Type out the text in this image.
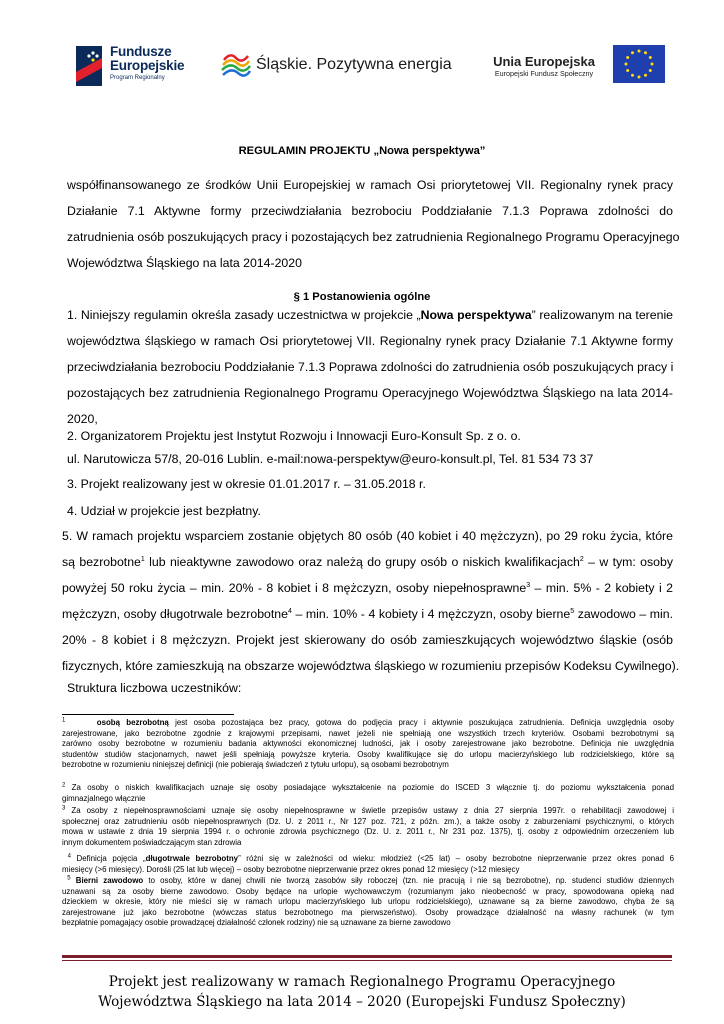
Fundusze
Europejskie
Program Regionalny
Śląskie. Pozytywna energia	Unia Europejska
Europejski Fundusz Społeczny
REGULAMIN PROJEKTU „Nowa perspektywa”
współfinansowanego ze środków Unii Europejskiej w ramach Osi priorytetowej VII. Regionalny rynek pracy
Działanie 7.1 Aktywne formy przeciwdziałania bezrobociu Poddziałanie 7.1.3 Poprawa zdolności do
zatrudnienia osób poszukujących pracy i pozostających bez zatrudnienia Regionalnego Programu Operacyjnego
Województwa Śląskiego na lata 2014-2020
§ 1 Postanowienia ogólne
1. Niniejszy regulamin określa zasady uczestnictwa w projekcie „Nowa perspektywa” realizowanym na terenie
województwa śląskiego w ramach Osi priorytetowej VII. Regionalny rynek pracy Działanie 7.1 Aktywne formy
przeciwdziałania bezrobociu Poddziałanie 7.1.3 Poprawa zdolności do zatrudnienia osób poszukujących pracy i
pozostających bez zatrudnienia Regionalnego Programu Operacyjnego Województwa Śląskiego na lata 2014-
2020,
2. Organizatorem Projektu jest Instytut Rozwoju i Innowacji Euro-Konsult Sp. z o. o.
ul. Narutowicza 57/8, 20-016 Lublin. e-mail:nowa-perspektyw@euro-konsult.pl, Tel. 81 534 73 37
3. Projekt realizowany jest w okresie 01.01.2017 r. – 31.05.2018 r.
4. Udział w projekcie jest bezpłatny.
5. W ramach projektu wsparciem zostanie objętych 80 osób (40 kobiet i 40 mężczyzn), po 29 roku życia, które
są bezrobotne$^1$ lub nieaktywne zawodowo oraz należą do grupy osób o niskich kwalifikacjach$^2$ – w tym: osoby
powyżej 50 roku życia – min. 20% - 8 kobiet i 8 mężczyzn, osoby niepełnosprawne$^3$ – min. 5% - 2 kobiety i 2
mężczyzn, osoby długotrwale bezrobotne$^4$ – min. 10% - 4 kobiety i 4 mężczyzn, osoby bierne$^5$ zawodowo – min.
20% - 8 kobiet i 8 mężczyzn. Projekt jest skierowany do osób zamieszkujących województwo śląskie (osób
fizycznych, które zamieszkują na obszarze województwa śląskiego w rozumieniu przepisów Kodeksu Cywilnego).
Struktura liczbowa uczestników:
$^1$	osobą bezrobotną jest osoba pozostająca bez pracy, gotowa do podjęcia pracy i aktywnie poszukująca zatrudnienia. Definicja uwzględnia osoby
zarejestrowane, jako bezrobotne zgodnie z krajowymi przepisami, nawet jeżeli nie spełniają one wszystkich trzech kryteriów. Osobami bezrobotnymi są
zarówno osoby bezrobotne w rozumieniu badania aktywności ekonomicznej ludności, jak i osoby zarejestrowane jako bezrobotne. Definicja nie uwzględnia
studentów studiów stacjonarnych, nawet jeśli spełniają powyższe kryteria. Osoby kwalifikujące się do urlopu macierzyńskiego lub rodzicielskiego, które są
bezrobotne w rozumieniu niniejszej definicji (nie pobierają świadczeń z tytułu urlopu), są osobami bezrobotnym
$^2$ Za osoby o niskich kwalifikacjach uznaje się osoby posiadające wykształcenie na poziomie do ISCED 3 włącznie tj. do poziomu wykształcenia ponad
gimnazjalnego włącznie
$^3$ Za osoby z niepełnosprawnościami uznaje się osoby niepełnosprawne w świetle przepisów ustawy z dnia 27 sierpnia 1997r. o rehabilitacji zawodowej i
społecznej oraz zatrudnieniu osób niepełnosprawnych (Dz. U. z 2011 r., Nr 127 poz. 721, z późn. zm.), a także osoby z zaburzeniami psychicznymi, o których
mowa w ustawie z dnia 19 sierpnia 1994 r. o ochronie zdrowia psychicznego (Dz. U. z. 2011 r., Nr 231 poz. 1375), tj. osoby z odpowiednim orzeczeniem lub
innym dokumentem poświadczającym stan zdrowia
$^4$ Definicja pojęcia „długotrwale bezrobotny” różni się w zależności od wieku: młodzież (<25 lat) – osoby bezrobotne nieprzerwanie przez okres ponad 6
miesięcy (>6 miesięcy). Dorośli (25 lat lub więcej) – osoby bezrobotne nieprzerwanie przez okres ponad 12 miesięcy (>12 miesięcy
$^5$ Bierni zawodowo to osoby, które w danej chwili nie tworzą zasobów siły roboczej (tzn. nie pracują i nie są bezrobotne), np. studenci studiów dziennych
uznawani są za osoby bierne zawodowo. Osoby będące na urlopie wychowawczym (rozumianym jako nieobecność w pracy, spowodowana opieką nad
dzieckiem w okresie, który nie mieści się w ramach urlopu macierzyńskiego lub urlopu rodzicielskiego), uznawane są za bierne zawodowo, chyba że są
zarejestrowane już jako bezrobotne (wówczas status bezrobotnego ma pierwszeństwo). Osoby prowadzące działalność na własny rachunek (w tym
bezpłatnie pomagający osobie prowadzącej działalność członek rodziny) nie są uznawane za bierne zawodowo
Projekt jest realizowany w ramach Regionalnego Programu Operacyjnego
Województwa Śląskiego na lata 2014 – 2020 (Europejski Fundusz Społeczny)
